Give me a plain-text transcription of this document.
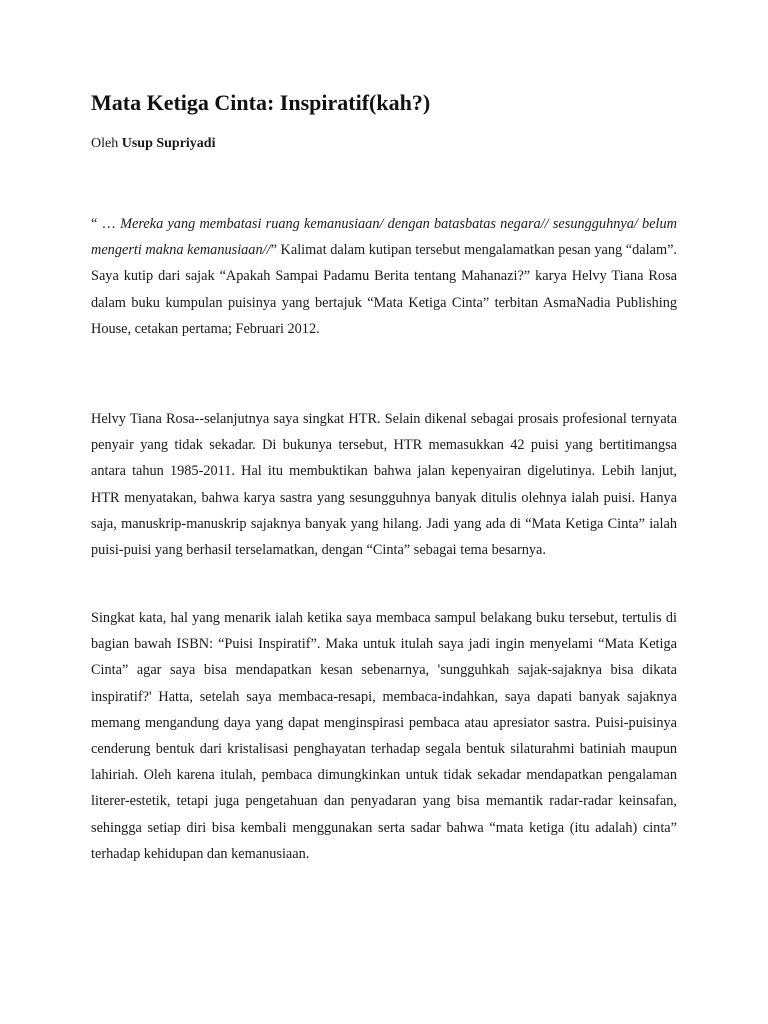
Mata Ketiga Cinta: Inspiratif(kah?)
Oleh Usup Supriyadi

“ … Mereka yang membatasi ruang kemanusiaan/ dengan batasbatas negara// sesungguhnya/ belum mengerti makna kemanusiaan//” Kalimat dalam kutipan tersebut mengalamatkan pesan yang “dalam”. Saya kutip dari sajak “Apakah Sampai Padamu Berita tentang Mahanazi?” karya Helvy Tiana Rosa dalam buku kumpulan puisinya yang bertajuk “Mata Ketiga Cinta” terbitan AsmaNadia Publishing House, cetakan pertama; Februari 2012.

Helvy Tiana Rosa--selanjutnya saya singkat HTR. Selain dikenal sebagai prosais profesional ternyata penyair yang tidak sekadar. Di bukunya tersebut, HTR memasukkan 42 puisi yang bertitimangsa antara tahun 1985-2011. Hal itu membuktikan bahwa jalan kepenyairan digelutinya. Lebih lanjut, HTR menyatakan, bahwa karya sastra yang sesungguhnya banyak ditulis olehnya ialah puisi. Hanya saja, manuskrip-manuskrip sajaknya banyak yang hilang. Jadi yang ada di “Mata Ketiga Cinta” ialah puisi-puisi yang berhasil terselamatkan, dengan “Cinta” sebagai tema besarnya.

Singkat kata, hal yang menarik ialah ketika saya membaca sampul belakang buku tersebut, tertulis di bagian bawah ISBN: “Puisi Inspiratif”. Maka untuk itulah saya jadi ingin menyelami “Mata Ketiga Cinta” agar saya bisa mendapatkan kesan sebenarnya, 'sungguhkah sajak-sajaknya bisa dikata inspiratif?' Hatta, setelah saya membaca-resapi, membaca-indahkan, saya dapati banyak sajaknya memang mengandung daya yang dapat menginspirasi pembaca atau apresiator sastra. Puisi-puisinya cenderung bentuk dari kristalisasi penghayatan terhadap segala bentuk silaturahmi batiniah maupun lahiriah. Oleh karena itulah, pembaca dimungkinkan untuk tidak sekadar mendapatkan pengalaman literer-estetik, tetapi juga pengetahuan dan penyadaran yang bisa memantik radar-radar keinsafan, sehingga setiap diri bisa kembali menggunakan serta sadar bahwa “mata ketiga (itu adalah) cinta” terhadap kehidupan dan kemanusiaan.
